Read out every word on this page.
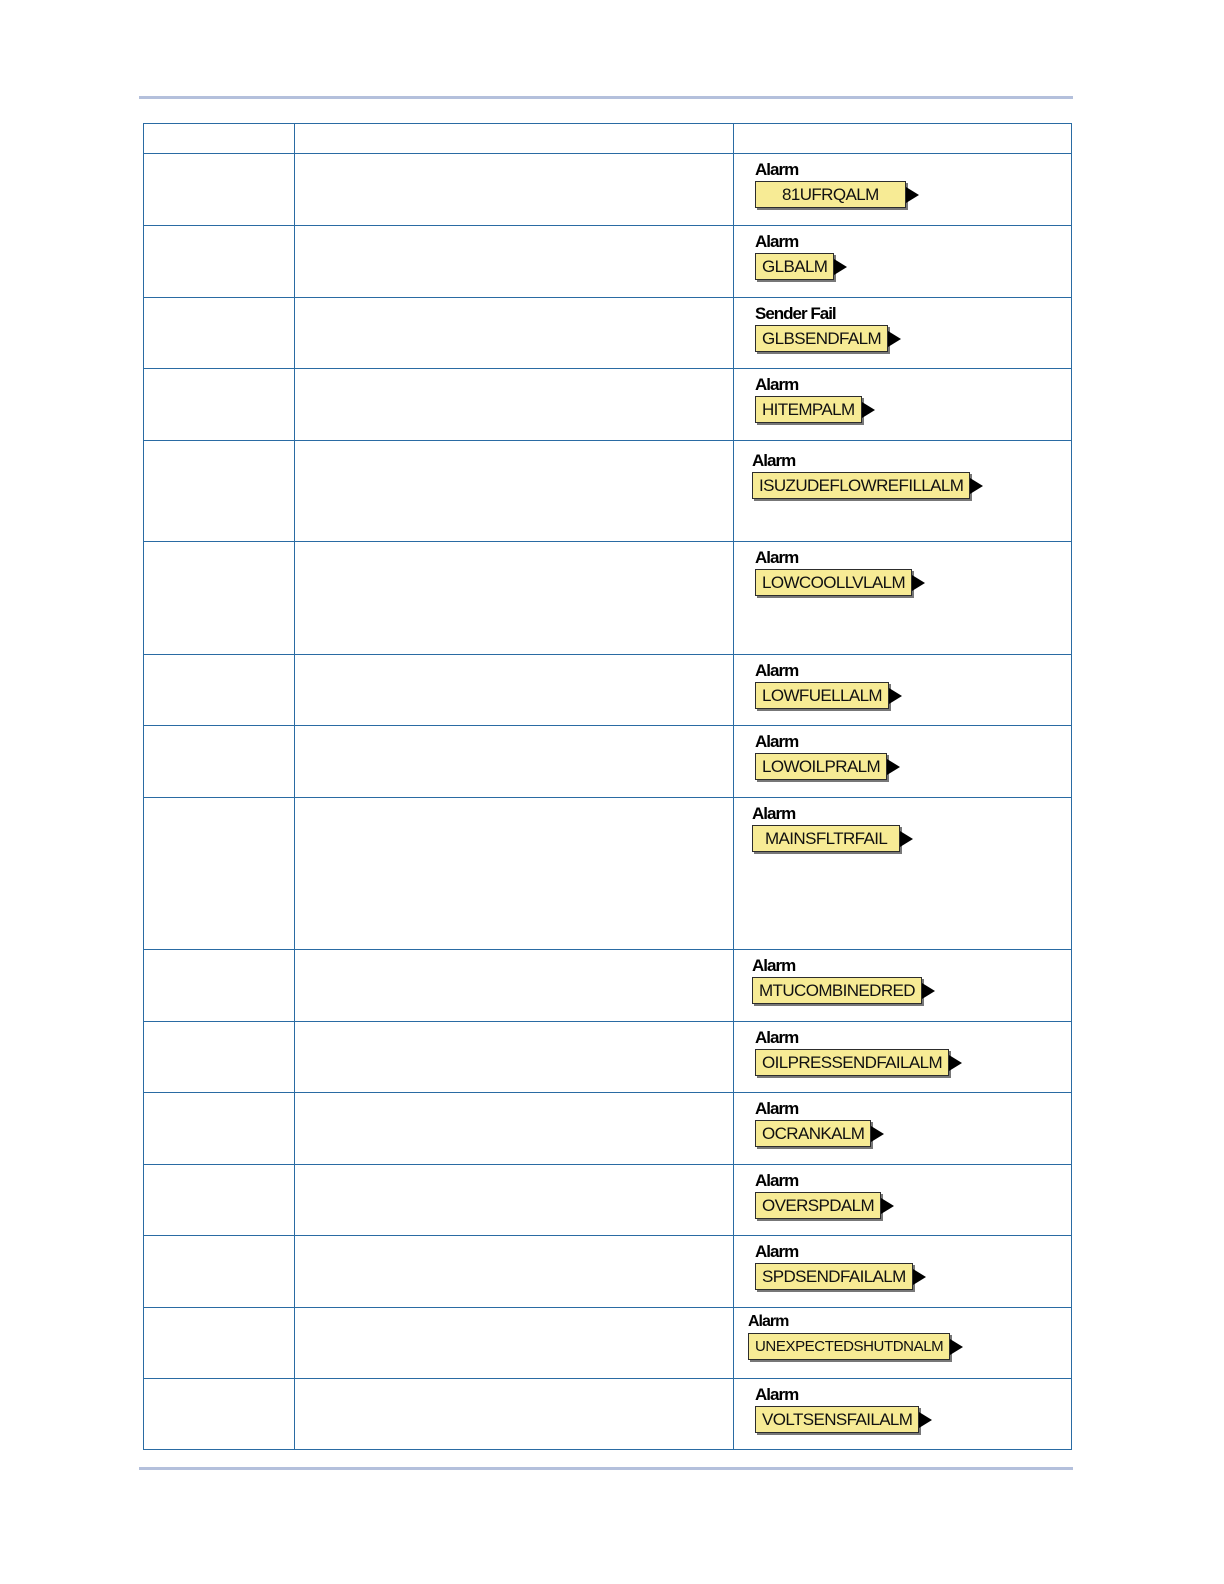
		Alarm
81UFRQALM

		Alarm
GLBALM

		Sender Fail
GLBSENDFALM

		Alarm
HITEMPALM

		Alarm
ISUZUDEFLOWREFILLALM

		Alarm
LOWCOOLLVLALM

		Alarm
LOWFUELLALM

		Alarm
LOWOILPRALM

		Alarm
MAINSFLTRFAIL

		Alarm
MTUCOMBINEDRED

		Alarm
OILPRESSENDFAILALM

		Alarm
OCRANKALM

		Alarm
OVERSPDALM

		Alarm
SPDSENDFAILALM

		Alarm
UNEXPECTEDSHUTDNALM

		Alarm
VOLTSENSFAILALM
